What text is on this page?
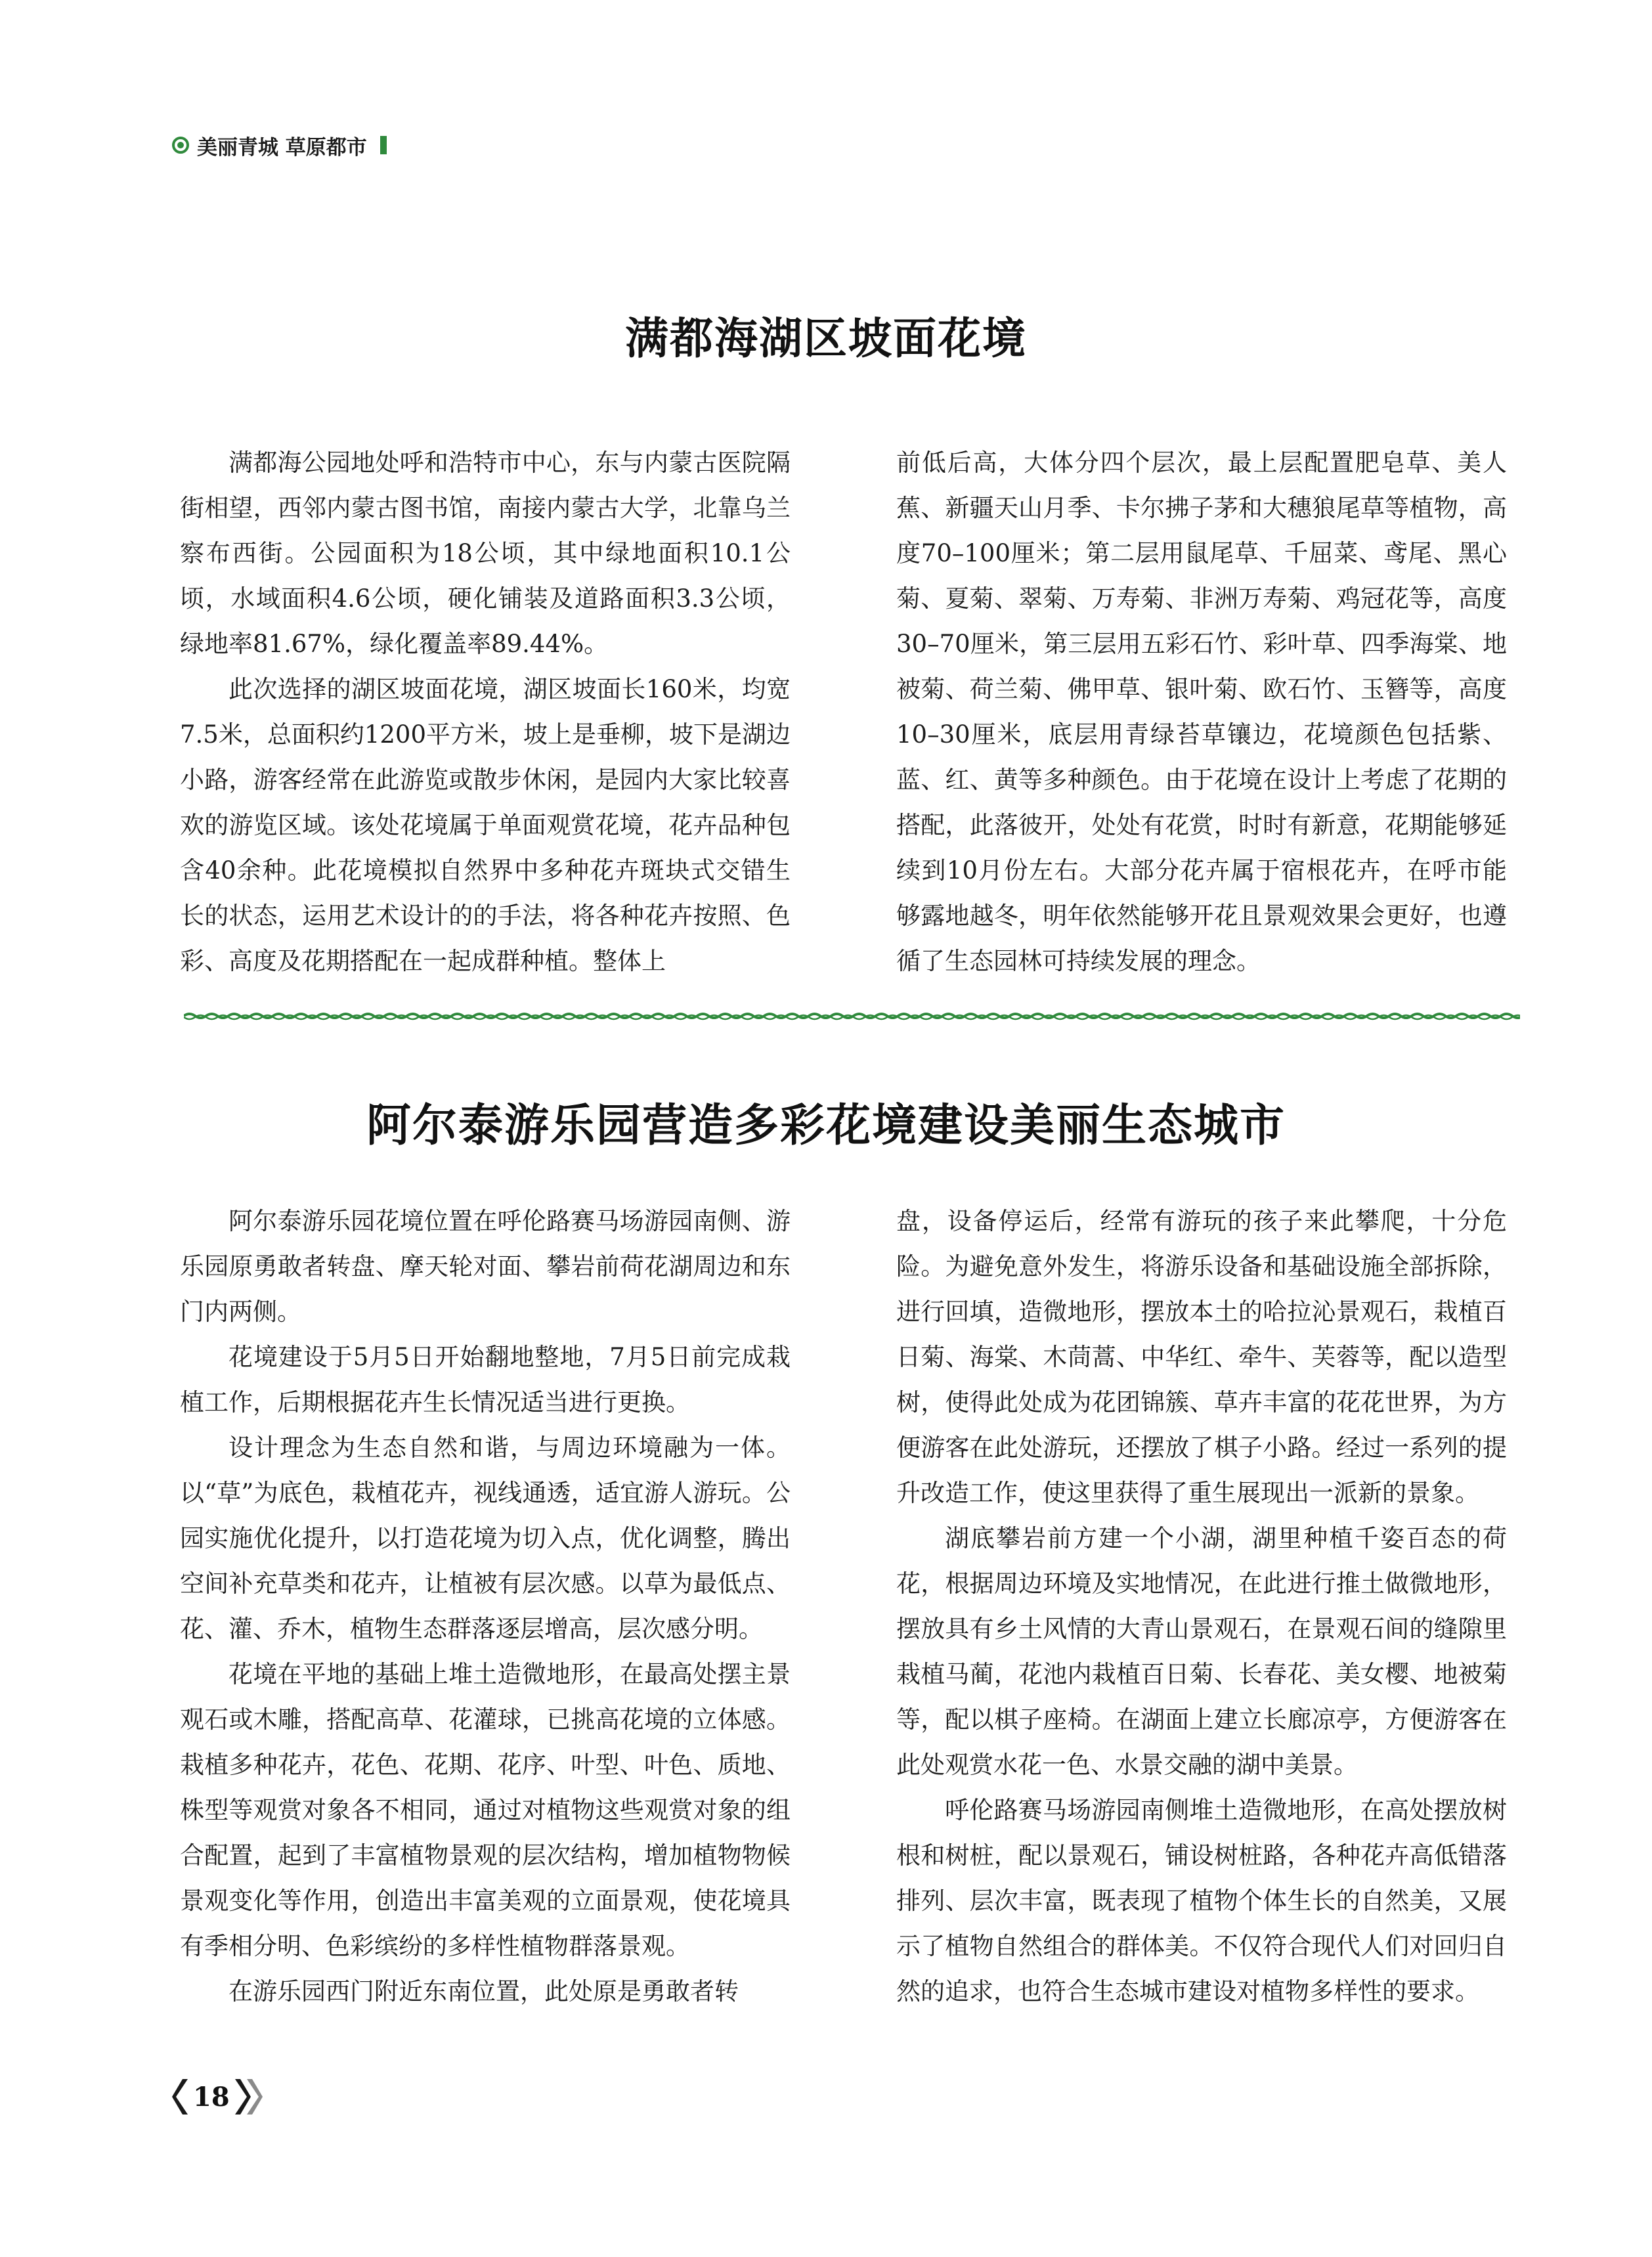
美丽青城 草原都市
满都海湖区坡面花境

满都海公园地处呼和浩特市中心，东与内蒙古医院隔街相望，西邻内蒙古图书馆，南接内蒙古大学，北靠乌兰察布西街。公园面积为18公顷，其中绿地面积10.1公顷，水域面积4.6公顷，硬化铺装及道路面积3.3公顷，绿地率81.67%，绿化覆盖率89.44%。

此次选择的湖区坡面花境，湖区坡面长160米，均宽7.5米，总面积约1200平方米，坡上是垂柳，坡下是湖边小路，游客经常在此游览或散步休闲，是园内大家比较喜欢的游览区域。该处花境属于单面观赏花境，花卉品种包含40余种。此花境模拟自然界中多种花卉斑块式交错生长的状态，运用艺术设计的的手法，将各种花卉按照、色彩、高度及花期搭配在一起成群种植。整体上

前低后高，大体分四个层次，最上层配置肥皂草、美人蕉、新疆天山月季、卡尔拂子茅和大穗狼尾草等植物，高度70–100厘米；第二层用鼠尾草、千屈菜、鸢尾、黑心菊、夏菊、翠菊、万寿菊、非洲万寿菊、鸡冠花等，高度30–70厘米，第三层用五彩石竹、彩叶草、四季海棠、地被菊、荷兰菊、佛甲草、银叶菊、欧石竹、玉簪等，高度10–30厘米，底层用青绿苔草镶边，花境颜色包括紫、蓝、红、黄等多种颜色。由于花境在设计上考虑了花期的搭配，此落彼开，处处有花赏，时时有新意，花期能够延续到10月份左右。大部分花卉属于宿根花卉，在呼市能够露地越冬，明年依然能够开花且景观效果会更好，也遵循了生态园林可持续发展的理念。

阿尔泰游乐园营造多彩花境建设美丽生态城市

阿尔泰游乐园花境位置在呼伦路赛马场游园南侧、游乐园原勇敢者转盘、摩天轮对面、攀岩前荷花湖周边和东门内两侧。

花境建设于5月5日开始翻地整地，7月5日前完成栽植工作，后期根据花卉生长情况适当进行更换。

设计理念为生态自然和谐，与周边环境融为一体。以“草”为底色，栽植花卉，视线通透，适宜游人游玩。公园实施优化提升，以打造花境为切入点，优化调整，腾出空间补充草类和花卉，让植被有层次感。以草为最低点、花、灌、乔木，植物生态群落逐层增高，层次感分明。

花境在平地的基础上堆土造微地形，在最高处摆主景观石或木雕，搭配高草、花灌球，已挑高花境的立体感。栽植多种花卉，花色、花期、花序、叶型、叶色、质地、株型等观赏对象各不相同，通过对植物这些观赏对象的组合配置，起到了丰富植物景观的层次结构，增加植物物候景观变化等作用，创造出丰富美观的立面景观，使花境具有季相分明、色彩缤纷的多样性植物群落景观。

在游乐园西门附近东南位置，此处原是勇敢者转

盘，设备停运后，经常有游玩的孩子来此攀爬，十分危险。为避免意外发生，将游乐设备和基础设施全部拆除，进行回填，造微地形，摆放本土的哈拉沁景观石，栽植百日菊、海棠、木茼蒿、中华红、牵牛、芙蓉等，配以造型树，使得此处成为花团锦簇、草卉丰富的花花世界，为方便游客在此处游玩，还摆放了棋子小路。经过一系列的提升改造工作，使这里获得了重生展现出一派新的景象。

湖底攀岩前方建一个小湖，湖里种植千姿百态的荷花，根据周边环境及实地情况，在此进行推土做微地形，摆放具有乡土风情的大青山景观石，在景观石间的缝隙里栽植马蔺，花池内栽植百日菊、长春花、美女樱、地被菊等，配以棋子座椅。在湖面上建立长廊凉亭，方便游客在此处观赏水花一色、水景交融的湖中美景。

呼伦路赛马场游园南侧堆土造微地形，在高处摆放树根和树桩，配以景观石，铺设树桩路，各种花卉高低错落排列、层次丰富，既表现了植物个体生长的自然美，又展示了植物自然组合的群体美。不仅符合现代人们对回归自然的追求，也符合生态城市建设对植物多样性的要求。

18
